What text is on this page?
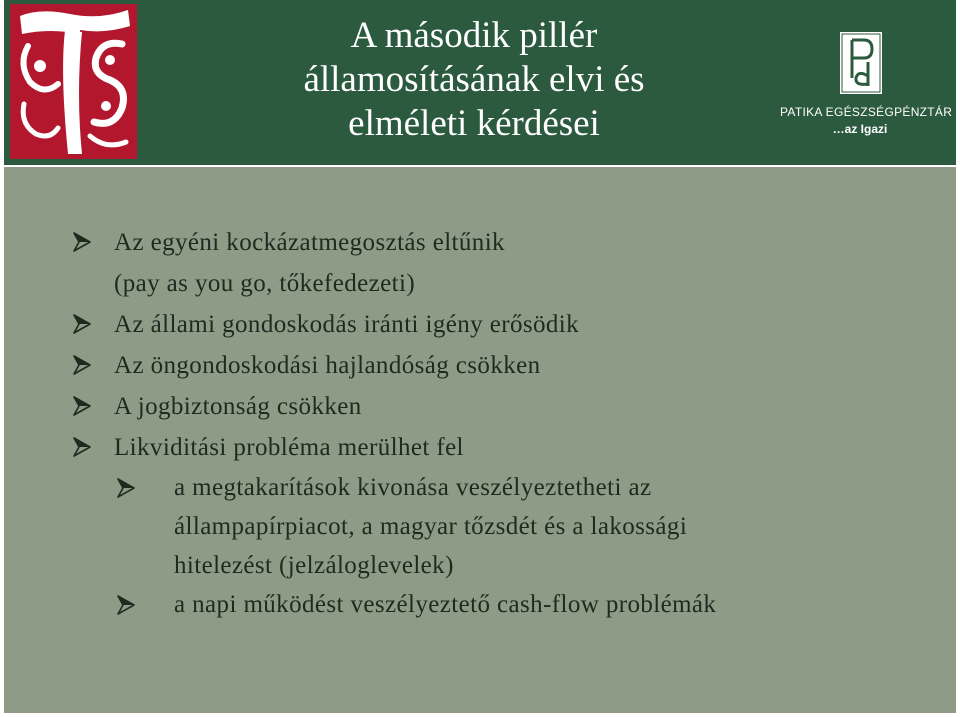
A második pillér
államosításának elvi és
elméleti kérdései	PATIKA EGÉSZSÉGPÉNZTÁR
…az Igazi
Az egyéni kockázatmegosztás eltűnik
(pay as you go, tőkefedezeti)
Az állami gondoskodás iránti igény erősödik
Az öngondoskodási hajlandóság csökken
A jogbiztonság csökken
Likviditási probléma merülhet fel
a megtakarítások kivonása veszélyeztetheti az
állampapírpiacot, a magyar tőzsdét és a lakossági
hitelezést (jelzáloglevelek)
a napi működést veszélyeztető cash-flow problémák
